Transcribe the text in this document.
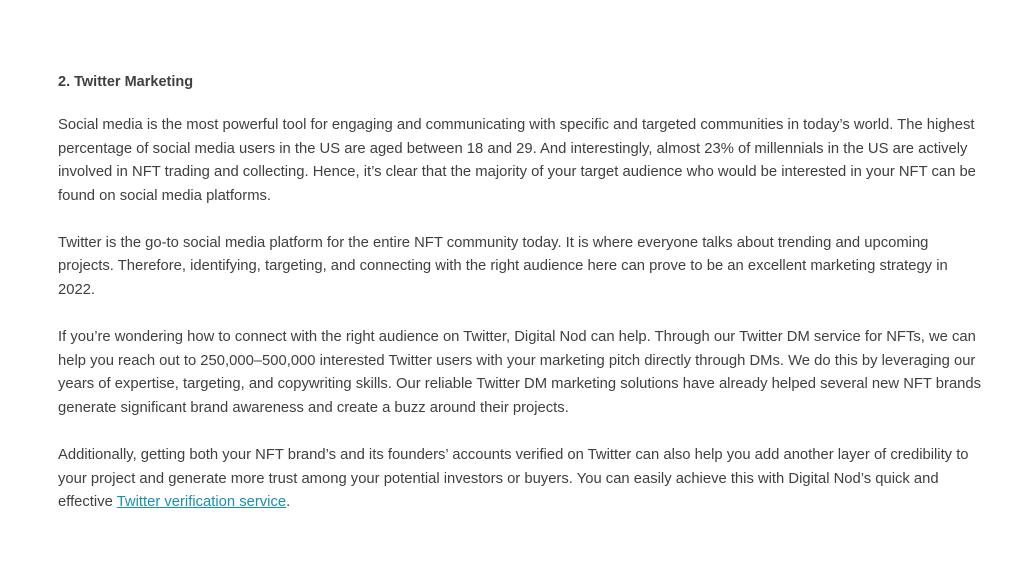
2. Twitter Marketing

Social media is the most powerful tool for engaging and communicating with specific and targeted communities in today’s world. The highest percentage of social media users in the US are aged between 18 and 29. And interestingly, almost 23% of millennials in the US are actively involved in NFT trading and collecting. Hence, it’s clear that the majority of your target audience who would be interested in your NFT can be found on social media platforms.

Twitter is the go-to social media platform for the entire NFT community today. It is where everyone talks about trending and upcoming projects. Therefore, identifying, targeting, and connecting with the right audience here can prove to be an excellent marketing strategy in 2022.

If you’re wondering how to connect with the right audience on Twitter, Digital Nod can help. Through our Twitter DM service for NFTs, we can help you reach out to 250,000–500,000 interested Twitter users with your marketing pitch directly through DMs. We do this by leveraging our years of expertise, targeting, and copywriting skills. Our reliable Twitter DM marketing solutions have already helped several new NFT brands generate significant brand awareness and create a buzz around their projects.

Additionally, getting both your NFT brand’s and its founders’ accounts verified on Twitter can also help you add another layer of credibility to your project and generate more trust among your potential investors or buyers. You can easily achieve this with Digital Nod’s quick and effective Twitter verification service.
